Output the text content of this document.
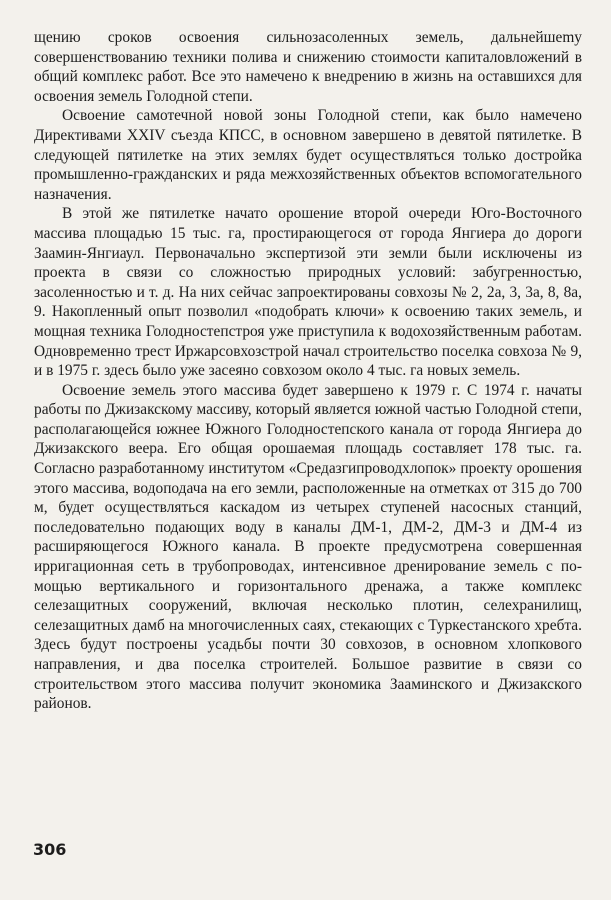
щению сроков освоения сильнозасоленных земель, дальнейшеmу совершенствованию техники полива и снижению стоимости капиталовложений в общий комплекс работ. Все это намечено к внедрению в жизнь на оставшихся для освоения земель Голодной степи.

Освоение самотечной новой зоны Голодной степи, как было намечено Директивами XXIV съезда КПСС, в основном завершено в девятой пятилетке. В следующей пятилетке на этих землях будет осуществляться только достройка промышленно-гражданских и ряда межхозяйственных объектов вспомогательного назначения.

В этой же пятилетке начато орошение второй очереди Юго-Восточного массива площадью 15 тыс. га, простирающегося от города Янгиера до дороги Заамин-Янгиаул. Первоначально экспертизой эти земли были исключены из проекта в связи со сложностью природных условий: забугренностью, засоленностью и т. д. На них сейчас запроектированы совхозы № 2, 2а, 3, 3а, 8, 8а, 9. Накопленный опыт позволил «подобрать ключи» к освоению таких земель, и мощная техника Голодностепстроя уже приступила к водохозяйственным работам. Одновременно трест Иржарсовхозстрой начал строительство поселка совхоза № 9, и в 1975 г. здесь было уже засеяно совхозом около 4 тыс. га новых земель.

Освоение земель этого массива будет завершено к 1979 г. С 1974 г. начаты работы по Джизакскому массиву, который является южной частью Голодной степи, располагающейся южнее Южного Голодностепского канала от города Янгиера до Джизакского веера. Его общая орошаемая площадь составляет 178 тыс. га. Согласно разработанному институтом «Средазгипроводхлопок» проекту орошения этого массива, водоподача на его земли, расположенные на отметках от 315 до 700 м, будет осуществляться каскадом из четырех ступеней насосных станций, последовательно подающих воду в каналы ДМ-1, ДМ-2, ДМ-3 и ДМ-4 из расширяющегося Южного канала. В проекте предусмотрена совершенная ирригационная сеть в трубопроводах, интенсивное дренирование земель с помощью вертикального и горизонтального дренажа, а также комплекс селезащитных сооружений, включая несколько плотин, селехранилищ, селезащитных дамб на многочисленных саях, стекающих с Туркестанского хребта. Здесь будут построены усадьбы почти 30 совхозов, в основном хлопкового направления, и два поселка строителей. Большое развитие в связи со строительством этого массива получит экономика Зааминского и Джизакского районов.

306
